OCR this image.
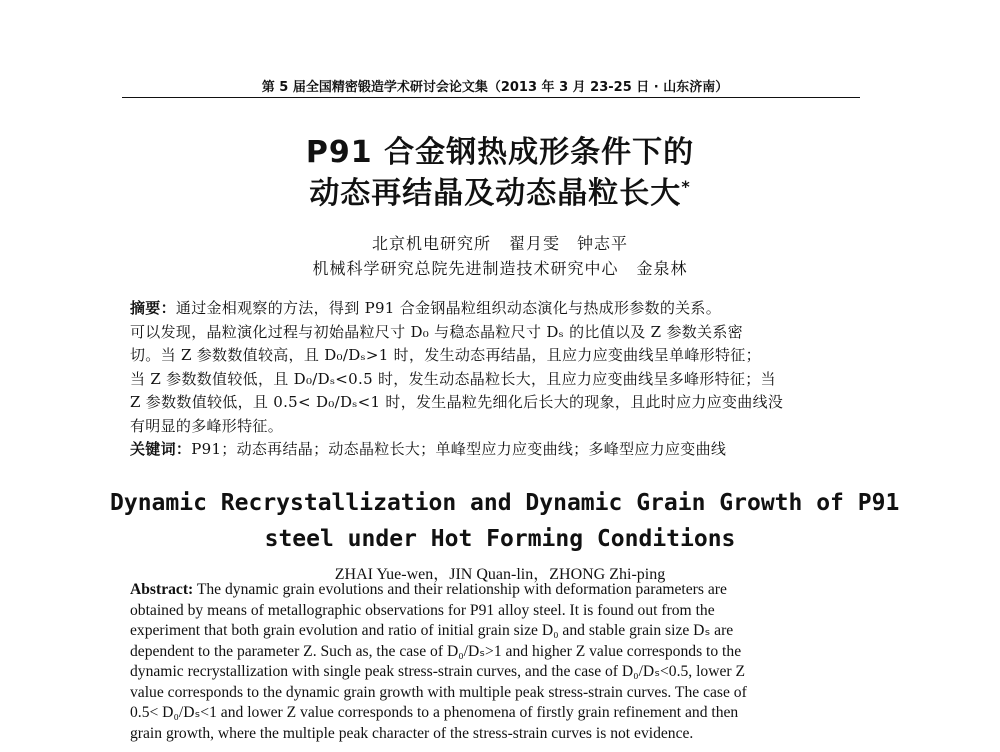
第 5 届全国精密锻造学术研讨会论文集（2013 年 3 月 23-25 日 · 山东济南）
P91 合金钢热成形条件下的
动态再结晶及动态晶粒长大*
北京机电研究所 翟月雯　钟志平
机械科学研究总院先进制造技术研究中心 金泉林
摘要：通过金相观察的方法，得到 P91 合金钢晶粒组织动态演化与热成形参数的关系。
可以发现，晶粒演化过程与初始晶粒尺寸 D₀ 与稳态晶粒尺寸 Dₛ 的比值以及 Z 参数关系密
切。当 Z 参数数值较高，且 D₀/Dₛ>1 时，发生动态再结晶，且应力应变曲线呈单峰形特征；
当 Z 参数数值较低，且 D₀/Dₛ<0.5 时，发生动态晶粒长大，且应力应变曲线呈多峰形特征；当
Z 参数数值较低，且 0.5< D₀/Dₛ<1 时，发生晶粒先细化后长大的现象，且此时应力应变曲线没
有明显的多峰形特征。
关键词：P91；动态再结晶；动态晶粒长大；单峰型应力应变曲线；多峰型应力应变曲线
Dynamic Recrystallization and Dynamic Grain Growth of P91
steel under Hot Forming Conditions
ZHAI Yue-wen，JIN Quan-lin，ZHONG Zhi-ping
Abstract: The dynamic grain evolutions and their relationship with deformation parameters are
obtained by means of metallographic observations for P91 alloy steel. It is found out from the
experiment that both grain evolution and ratio of initial grain size D₀ and stable grain size Dₛ are
dependent to the parameter Z. Such as, the case of D₀/Dₛ>1 and higher Z value corresponds to the
dynamic recrystallization with single peak stress-strain curves, and the case of D₀/Dₛ<0.5, lower Z
value corresponds to the dynamic grain growth with multiple peak stress-strain curves. The case of
0.5< D₀/Dₛ<1 and lower Z value corresponds to a phenomena of firstly grain refinement and then
grain growth, where the multiple peak character of the stress-strain curves is not evidence.
